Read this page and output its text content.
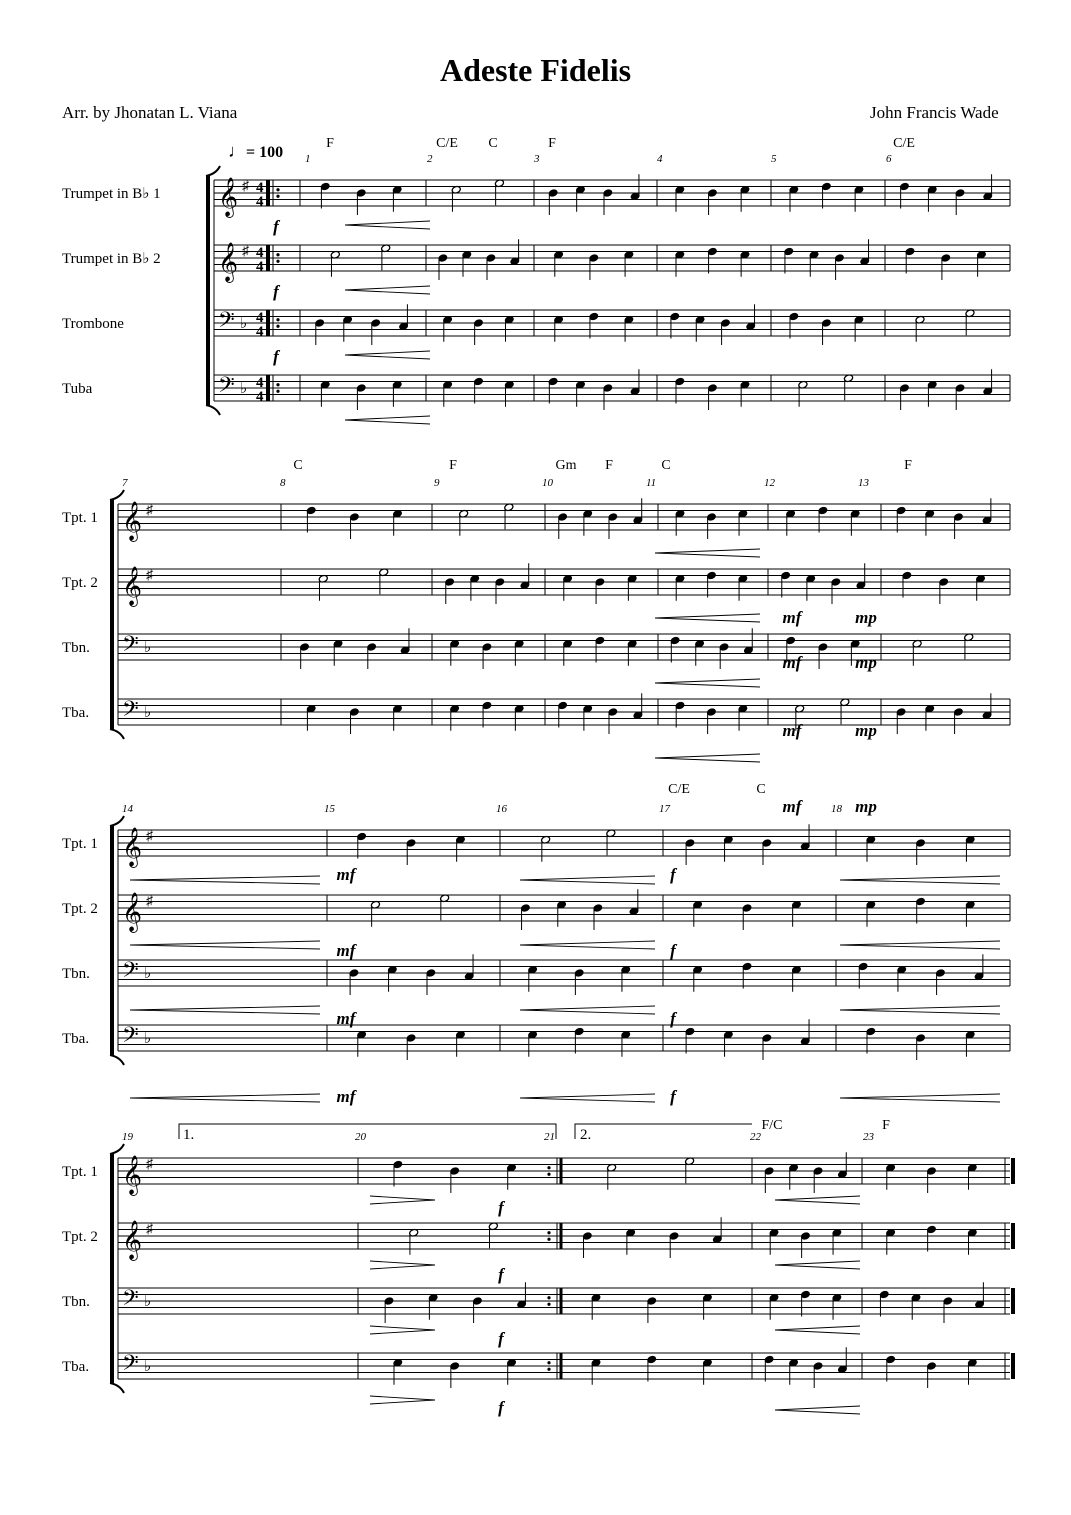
Adeste Fidelis
Arr. by Jhonatan L. Viana	John Francis Wade
♩= 100
𝄞 ♯ 4
4
𝄞 ♯ 4
4
𝄢 ♭ 4
4
𝄢 ♭ 4
4
1	2	3	4	5	6
𝄞 ♯
𝄞 ♯
𝄢 ♭
𝄢 ♭
7	8	9	10	11	12	13
𝄞 ♯
𝄞 ♯
𝄢 ♭
𝄢 ♭
14	15	16	17	18
𝄞 ♯
𝄞 ♯
𝄢 ♭
𝄢 ♭
19	20	21	22	23
Trumpet in B♭ 1
Trumpet in B♭ 2
Trombone
Tuba
Tpt. 1
Tpt. 2
Tbn.
Tba.
Tpt. 1
Tpt. 2
Tbn.
Tba.
Tpt. 1
Tpt. 2
Tbn.
Tba.
F	C/E C	F	C/E
C	F	Gm F	C	F
C/E	C
F/C	F
f
f
f
mf
mf
mf
mf
mp
mp
mp
mp
mf
mf
mf
mf
f
f
f
f
f
f
f
f
1.	2.
